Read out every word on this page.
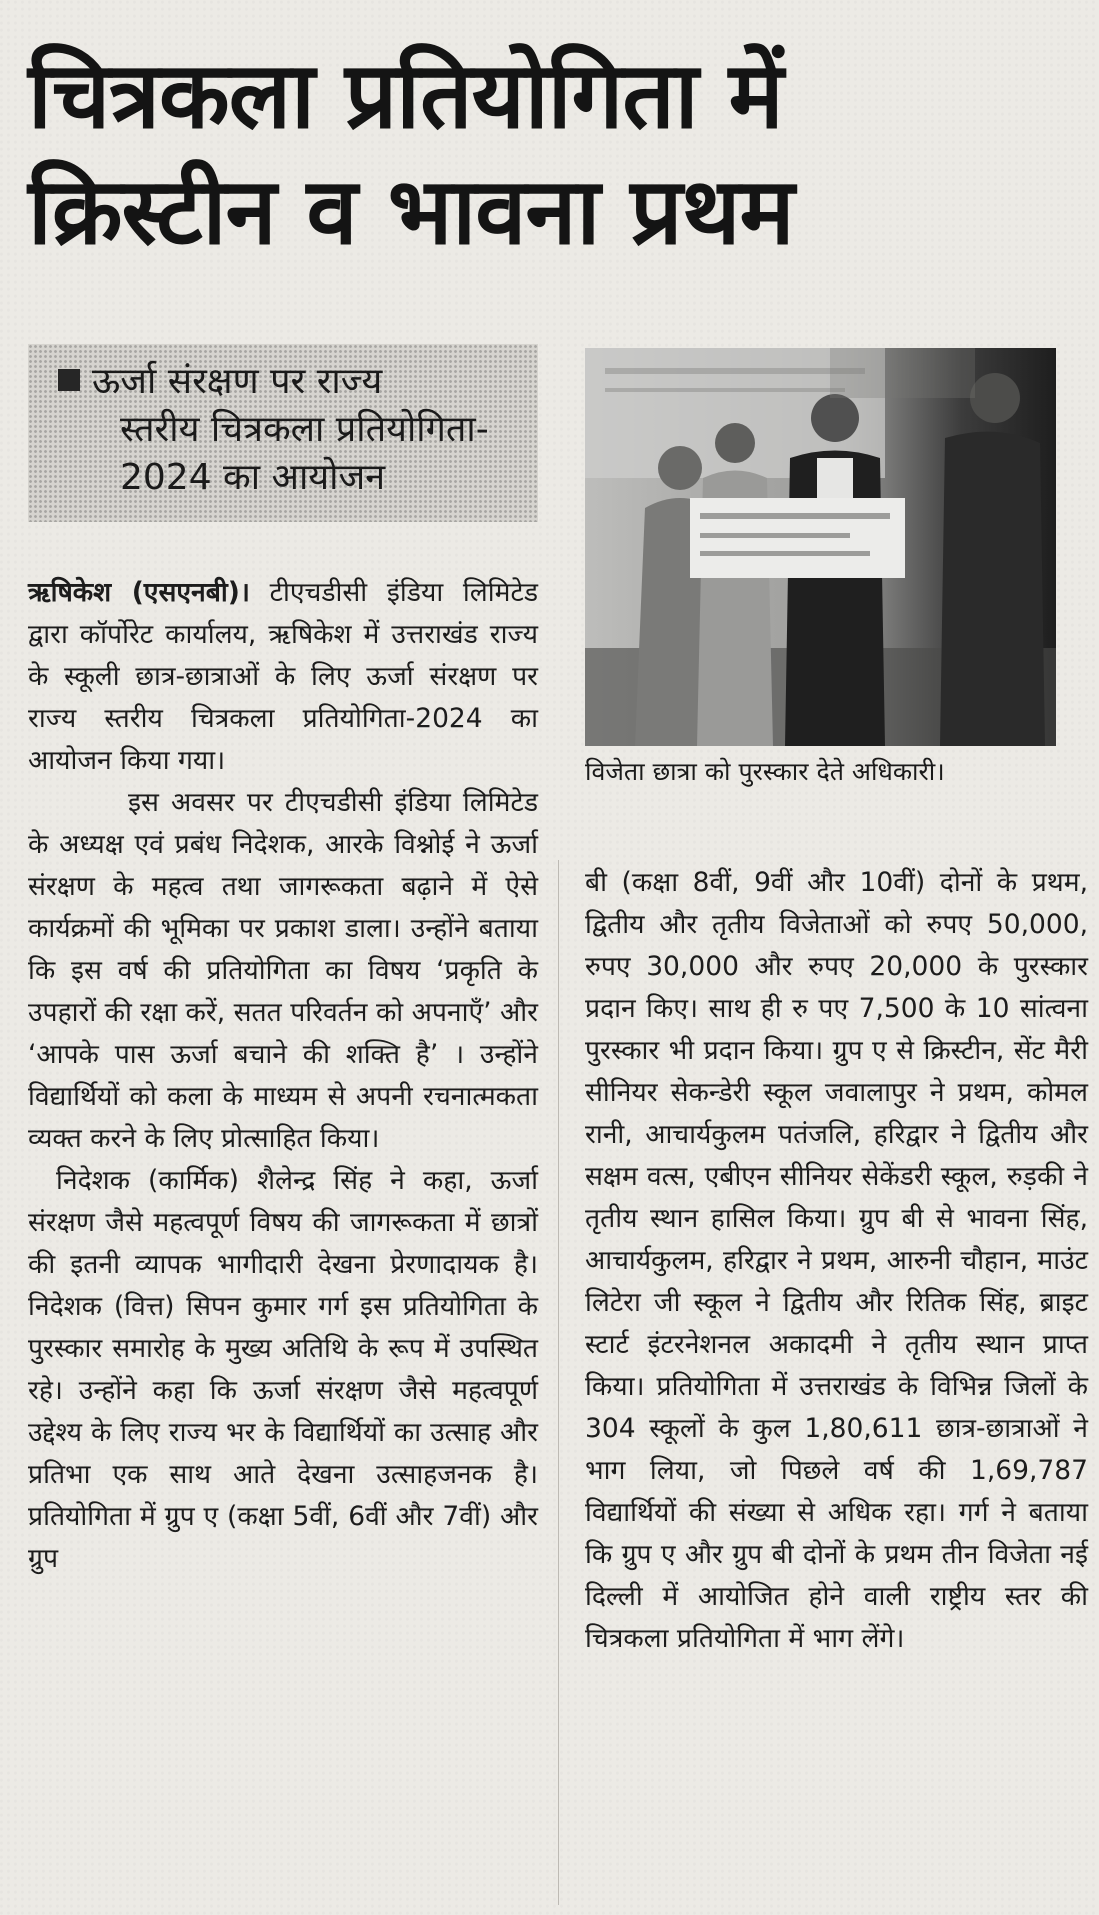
चित्रकला प्रतियोगिता में
क्रिस्टीन व भावना प्रथम
ऊर्जा संरक्षण पर राज्य
स्तरीय चित्रकला प्रतियोगिता-
2024 का आयोजन
विजेता छात्रा को पुरस्कार देते अधिकारी।

ऋषिकेश (एसएनबी)। टीएचडीसी इंडिया लिमिटेड द्वारा कॉर्पोरेट कार्यालय, ऋषिकेश में उत्तराखंड राज्य के स्कूली छात्र-छात्राओं के लिए ऊर्जा संरक्षण पर राज्य स्तरीय चित्रकला प्रतियोगिता-2024 का आयोजन किया गया।

इस अवसर पर टीएचडीसी इंडिया लिमिटेड के अध्यक्ष एवं प्रबंध निदेशक, आरके विश्नोई ने ऊर्जा संरक्षण के महत्व तथा जागरूकता बढ़ाने में ऐसे कार्यक्रमों की भूमिका पर प्रकाश डाला। उन्होंने बताया कि इस वर्ष की प्रतियोगिता का विषय ‘प्रकृति के उपहारों की रक्षा करें, सतत परिवर्तन को अपनाएँ’ और ‘आपके पास ऊर्जा बचाने की शक्ति है’ । उन्होंने विद्यार्थियों को कला के माध्यम से अपनी रचनात्मकता व्यक्त करने के लिए प्रोत्साहित किया।

निदेशक (कार्मिक) शैलेन्द्र सिंह ने कहा, ऊर्जा संरक्षण जैसे महत्वपूर्ण विषय की जागरूकता में छात्रों की इतनी व्यापक भागीदारी देखना प्रेरणादायक है। निदेशक (वित्त) सिपन कुमार गर्ग इस प्रतियोगिता के पुरस्कार समारोह के मुख्य अतिथि के रूप में उपस्थित रहे। उन्होंने कहा कि ऊर्जा संरक्षण जैसे महत्वपूर्ण उद्देश्य के लिए राज्य भर के विद्यार्थियों का उत्साह और प्रतिभा एक साथ आते देखना उत्साहजनक है। प्रतियोगिता में ग्रुप ए (कक्षा 5वीं, 6वीं और 7वीं) और ग्रुप

बी (कक्षा 8वीं, 9वीं और 10वीं) दोनों के प्रथम, द्वितीय और तृतीय विजेताओं को रुपए 50,000, रुपए 30,000 और रुपए 20,000 के पुरस्कार प्रदान किए। साथ ही रु पए 7,500 के 10 सांत्वना पुरस्कार भी प्रदान किया। ग्रुप ए से क्रिस्टीन, सेंट मैरी सीनियर सेकन्डेरी स्कूल जवालापुर ने प्रथम, कोमल रानी, आचार्यकुलम पतंजलि, हरिद्वार ने द्वितीय और सक्षम वत्स, एबीएन सीनियर सेकेंडरी स्कूल, रुड़की ने तृतीय स्थान हासिल किया। ग्रुप बी से भावना सिंह, आचार्यकुलम, हरिद्वार ने प्रथम, आरुनी चौहान, माउंट लिटेरा जी स्कूल ने द्वितीय और रितिक सिंह, ब्राइट स्टार्ट इंटरनेशनल अकादमी ने तृतीय स्थान प्राप्त किया। प्रतियोगिता में उत्तराखंड के विभिन्न जिलों के 304 स्कूलों के कुल 1,80,611 छात्र-छात्राओं ने भाग लिया, जो पिछले वर्ष की 1,69,787 विद्यार्थियों की संख्या से अधिक रहा। गर्ग ने बताया कि ग्रुप ए और ग्रुप बी दोनों के प्रथम तीन विजेता नई दिल्ली में आयोजित होने वाली राष्ट्रीय स्तर की चित्रकला प्रतियोगिता में भाग लेंगे।
